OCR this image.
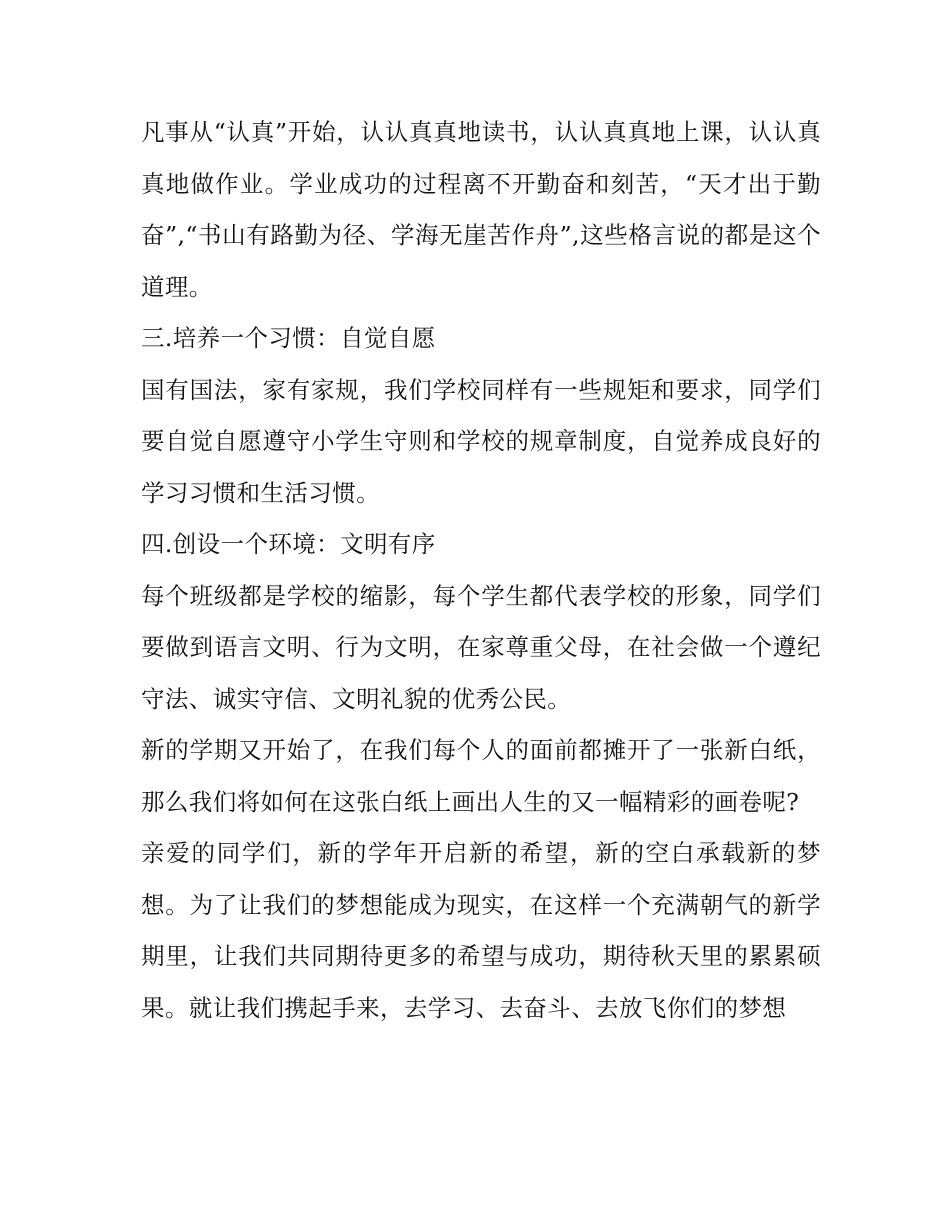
凡事从“认真”开始，认认真真地读书，认认真真地上课，认认真真地做作业。学业成功的过程离不开勤奋和刻苦，“天才出于勤奋”,“书山有路勤为径、学海无崖苦作舟”,这些格言说的都是这个道理。

三.培养一个习惯：自觉自愿

国有国法，家有家规，我们学校同样有一些规矩和要求，同学们要自觉自愿遵守小学生守则和学校的规章制度，自觉养成良好的学习习惯和生活习惯。

四.创设一个环境：文明有序

每个班级都是学校的缩影，每个学生都代表学校的形象，同学们要做到语言文明、行为文明，在家尊重父母，在社会做一个遵纪守法、诚实守信、文明礼貌的优秀公民。

新的学期又开始了，在我们每个人的面前都摊开了一张新白纸，那么我们将如何在这张白纸上画出人生的又一幅精彩的画卷呢?

亲爱的同学们，新的学年开启新的希望，新的空白承载新的梦想。为了让我们的梦想能成为现实，在这样一个充满朝气的新学期里，让我们共同期待更多的希望与成功，期待秋天里的累累硕果。就让我们携起手来，去学习、去奋斗、去放飞你们的梦想
